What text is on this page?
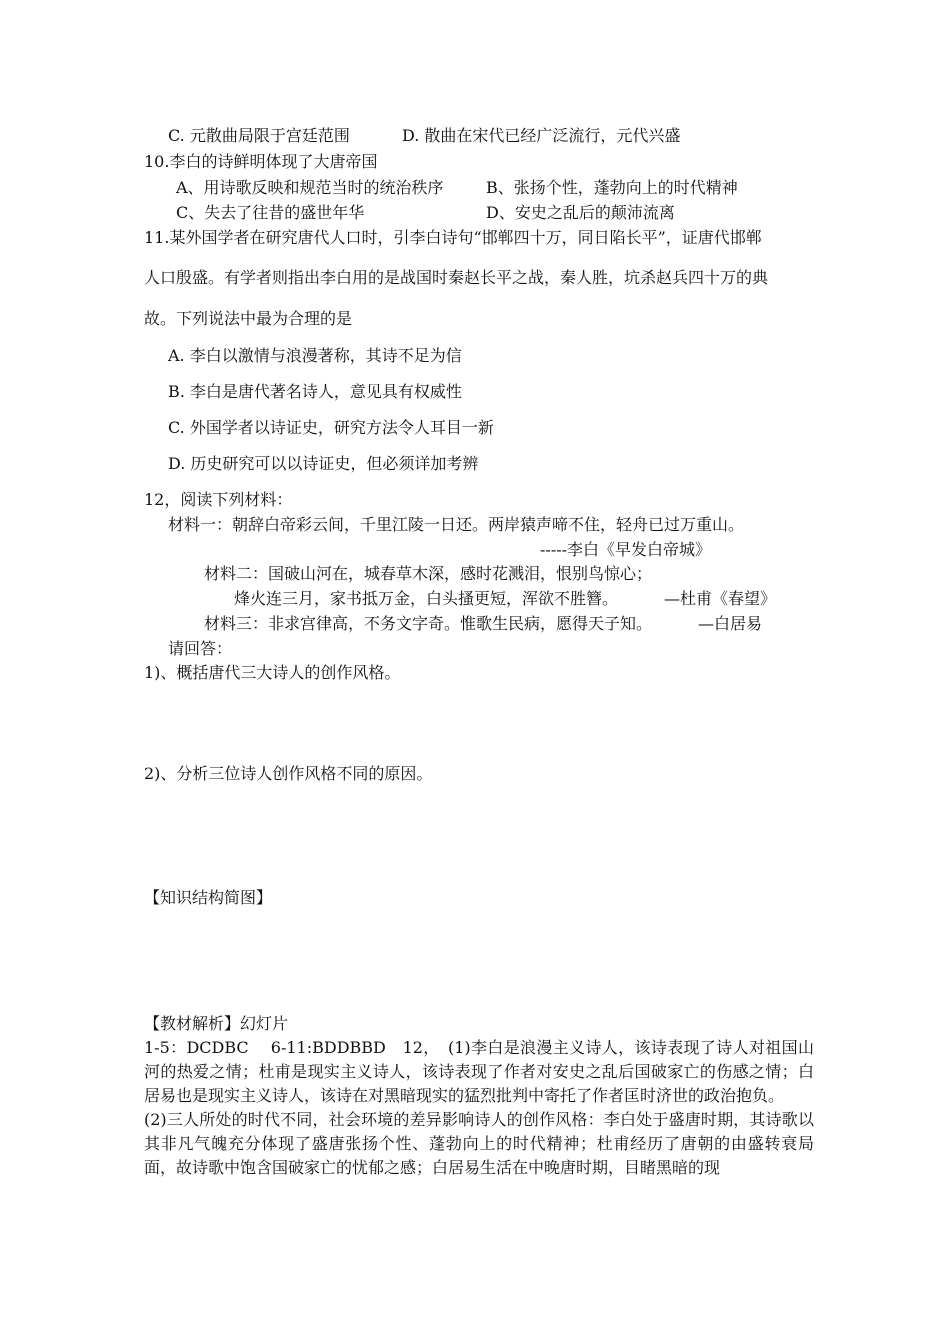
C. 元散曲局限于宫廷范围	D. 散曲在宋代已经广泛流行，元代兴盛
10.李白的诗鲜明体现了大唐帝国
A、用诗歌反映和规范当时的统治秩序	B、张扬个性，蓬勃向上的时代精神
C、失去了往昔的盛世年华	D、安史之乱后的颠沛流离
11.某外国学者在研究唐代人口时，引李白诗句“邯郸四十万，同日陷长平”，证唐代邯郸
人口殷盛。有学者则指出李白用的是战国时秦赵长平之战，秦人胜，坑杀赵兵四十万的典
故。下列说法中最为合理的是
A. 李白以激情与浪漫著称，其诗不足为信
B. 李白是唐代著名诗人，意见具有权威性
C. 外国学者以诗证史，研究方法令人耳目一新
D. 历史研究可以以诗证史，但必须详加考辨
12，阅读下列材料：
材料一：朝辞白帝彩云间，千里江陵一日还。两岸猿声啼不住，轻舟已过万重山。
-----李白《早发白帝城》
材料二：国破山河在，城春草木深，感时花溅泪，恨别鸟惊心；
烽火连三月，家书抵万金，白头搔更短，浑欲不胜簪。	—杜甫《春望》
材料三：非求宫律高，不务文字奇。惟歌生民病，愿得天子知。	—白居易
请回答：
1)、概括唐代三大诗人的创作风格。
2)、分析三位诗人创作风格不同的原因。
【知识结构简图】
【教材解析】幻灯片

1-5：DCDBC　 6-11:BDDBBD　12，　(1)李白是浪漫主义诗人，该诗表现了诗人对祖国山河的热爱之情；杜甫是现实主义诗人，该诗表现了作者对安史之乱后国破家亡的伤感之情；白居易也是现实主义诗人，该诗在对黑暗现实的猛烈批判中寄托了作者匡时济世的政治抱负。

(2)三人所处的时代不同，社会环境的差异影响诗人的创作风格：李白处于盛唐时期，其诗歌以其非凡气魄充分体现了盛唐张扬个性、蓬勃向上的时代精神；杜甫经历了唐朝的由盛转衰局面，故诗歌中饱含国破家亡的忧郁之感；白居易生活在中晚唐时期，目睹黑暗的现
